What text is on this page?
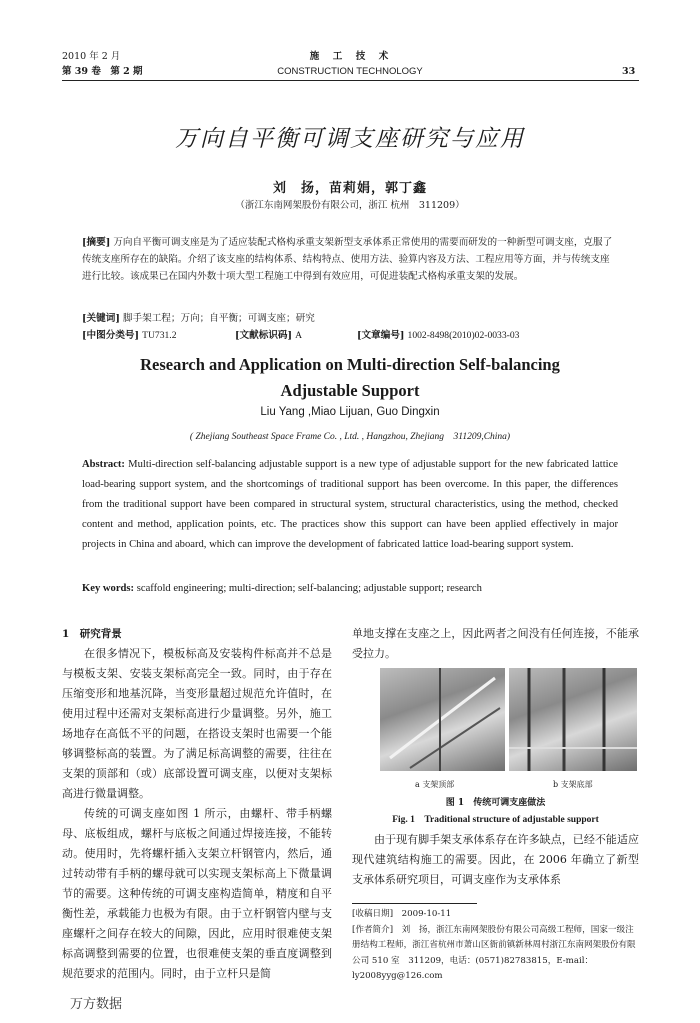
2010 年 2 月
第 39 卷　第 2 期
施　工　技　术
CONSTRUCTION TECHNOLOGY	33
万向自平衡可调支座研究与应用
刘　扬，苗莉娟，郭丁鑫
（浙江东南网架股份有限公司，浙江 杭州　311209）
[摘要] 万向自平衡可调支座是为了适应装配式格构承重支架新型支承体系正常使用的需要而研发的一种新型可调支座，克服了传统支座所存在的缺陷。介绍了该支座的结构体系、结构特点、使用方法、验算内容及方法、工程应用等方面，并与传统支座进行比较。该成果已在国内外数十项大型工程施工中得到有效应用，可促进装配式格构承重支架的发展。
[关键词] 脚手架工程；万向；自平衡；可调支座；研究
[中图分类号] TU731.2	[文献标识码] A	[文章编号] 1002-8498(2010)02-0033-03
Research and Application on Multi-direction Self-balancing
Adjustable Support
Liu Yang ,Miao Lijuan, Guo Dingxin
( Zhejiang Southeast Space Frame Co. , Ltd. , Hangzhou, Zhejiang　311209,China)
Abstract: Multi-direction self-balancing adjustable support is a new type of adjustable support for the new fabricated lattice load-bearing support system, and the shortcomings of traditional support has been overcome. In this paper, the differences from the traditional support have been compared in structural system, structural characteristics, using the method, checked content and method, application points, etc. The practices show this support can have been applied effectively in major projects in China and aboard, which can improve the development of fabricated lattice load-bearing support system.
Key words: scaffold engineering; multi-direction; self-balancing; adjustable support; research
1　研究背景

在很多情况下，模板标高及安装构件标高并不总是与模板支架、安装支架标高完全一致。同时，由于存在压缩变形和地基沉降，当变形量超过规范允许值时，在使用过程中还需对支架标高进行少量调整。另外，施工场地存在高低不平的问题，在搭设支架时也需要一个能够调整标高的装置。为了满足标高调整的需要，往往在支架的顶部和（或）底部设置可调支座，以便对支架标高进行微量调整。

传统的可调支座如图 1 所示，由螺杆、带手柄螺母、底板组成，螺杆与底板之间通过焊接连接，不能转动。使用时，先将螺杆插入支架立杆钢管内，然后，通过转动带有手柄的螺母就可以实现支架标高上下微量调节的需要。这种传统的可调支座构造简单，精度和自平衡性差，承载能力也极为有限。由于立杆钢管内壁与支座螺杆之间存在较大的间隙，因此，应用时很难使支架标高调整到需要的位置，也很难使支架的垂直度调整到规范要求的范围内。同时，由于立杆只是简

单地支撑在支座之上，因此两者之间没有任何连接，不能承受拉力。

a 支架顶部	b 支架底部
图 1　传统可调支座做法
Fig. 1　Traditional structure of adjustable support

由于现有脚手架支承体系存在许多缺点，已经不能适应现代建筑结构施工的需要。因此，在 2006 年确立了新型支承体系研究项目，可调支座作为支承体系

[收稿日期]　2009-10-11
[作者简介]　刘　扬，浙江东南网架股份有限公司高级工程师，国家一级注册结构工程师，浙江省杭州市萧山区衙前镇新林周村浙江东南网架股份有限公司 510 室　311209，电话：(0571)82783815，E-mail：ly2008yyg@126.com
万方数据
